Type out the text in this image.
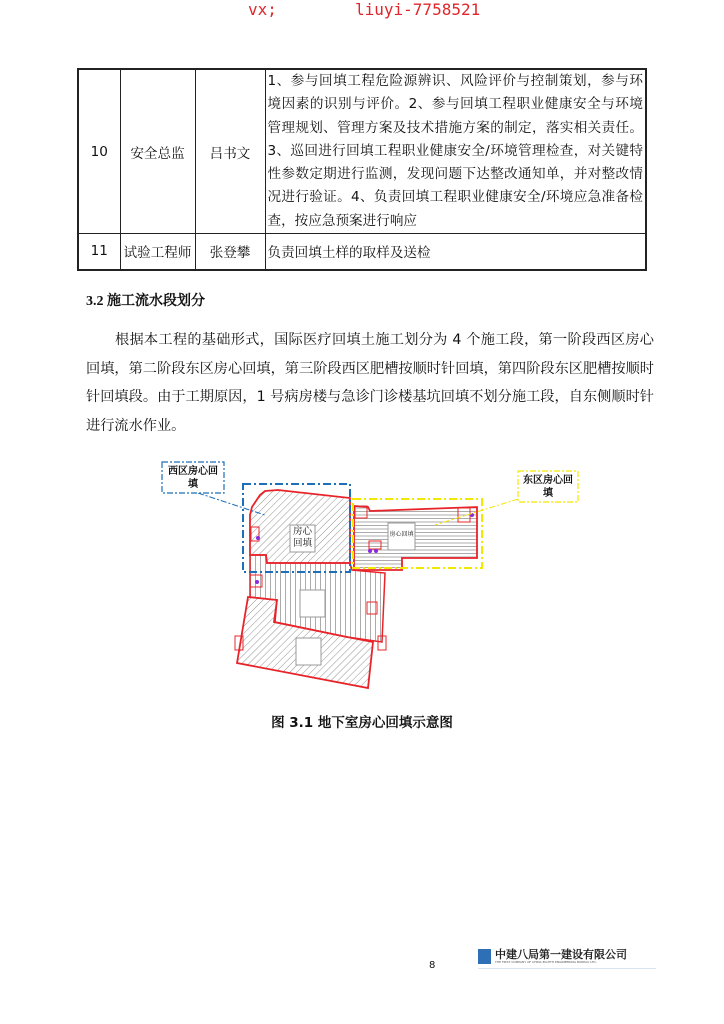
vx;	liuyi-7758521
10	安全总监	吕书文	1、参与回填工程危险源辨识、风险评价与控制策划，参与环境因素的识别与评价。2、参与回填工程职业健康安全与环境管理规划、管理方案及技术措施方案的制定，落实相关责任。3、巡回进行回填工程职业健康安全/环境管理检查，对关键特性参数定期进行监测，发现问题下达整改通知单，并对整改情况进行验证。4、负责回填工程职业健康安全/环境应急准备检查，按应急预案进行响应
11	试验工程师	张登攀	负责回填土样的取样及送检
3.2 施工流水段划分
根据本工程的基础形式，国际医疗回填土施工划分为 4 个施工段，第一阶段西区房心回填，第二阶段东区房心回填，第三阶段西区肥槽按顺时针回填，第四阶段东区肥槽按顺时针回填段。由于工期原因，1 号病房楼与急诊门诊楼基坑回填不划分施工段，自东侧顺时针进行流水作业。
西区房心回填	东区房心回填
房心回填
房心回填
图 3.1 地下室房心回填示意图
8
中建八局第一建设有限公司
THE FIRST COMPANY OF CHINA EIGHTH ENGINEERING BUREAU LTD.
